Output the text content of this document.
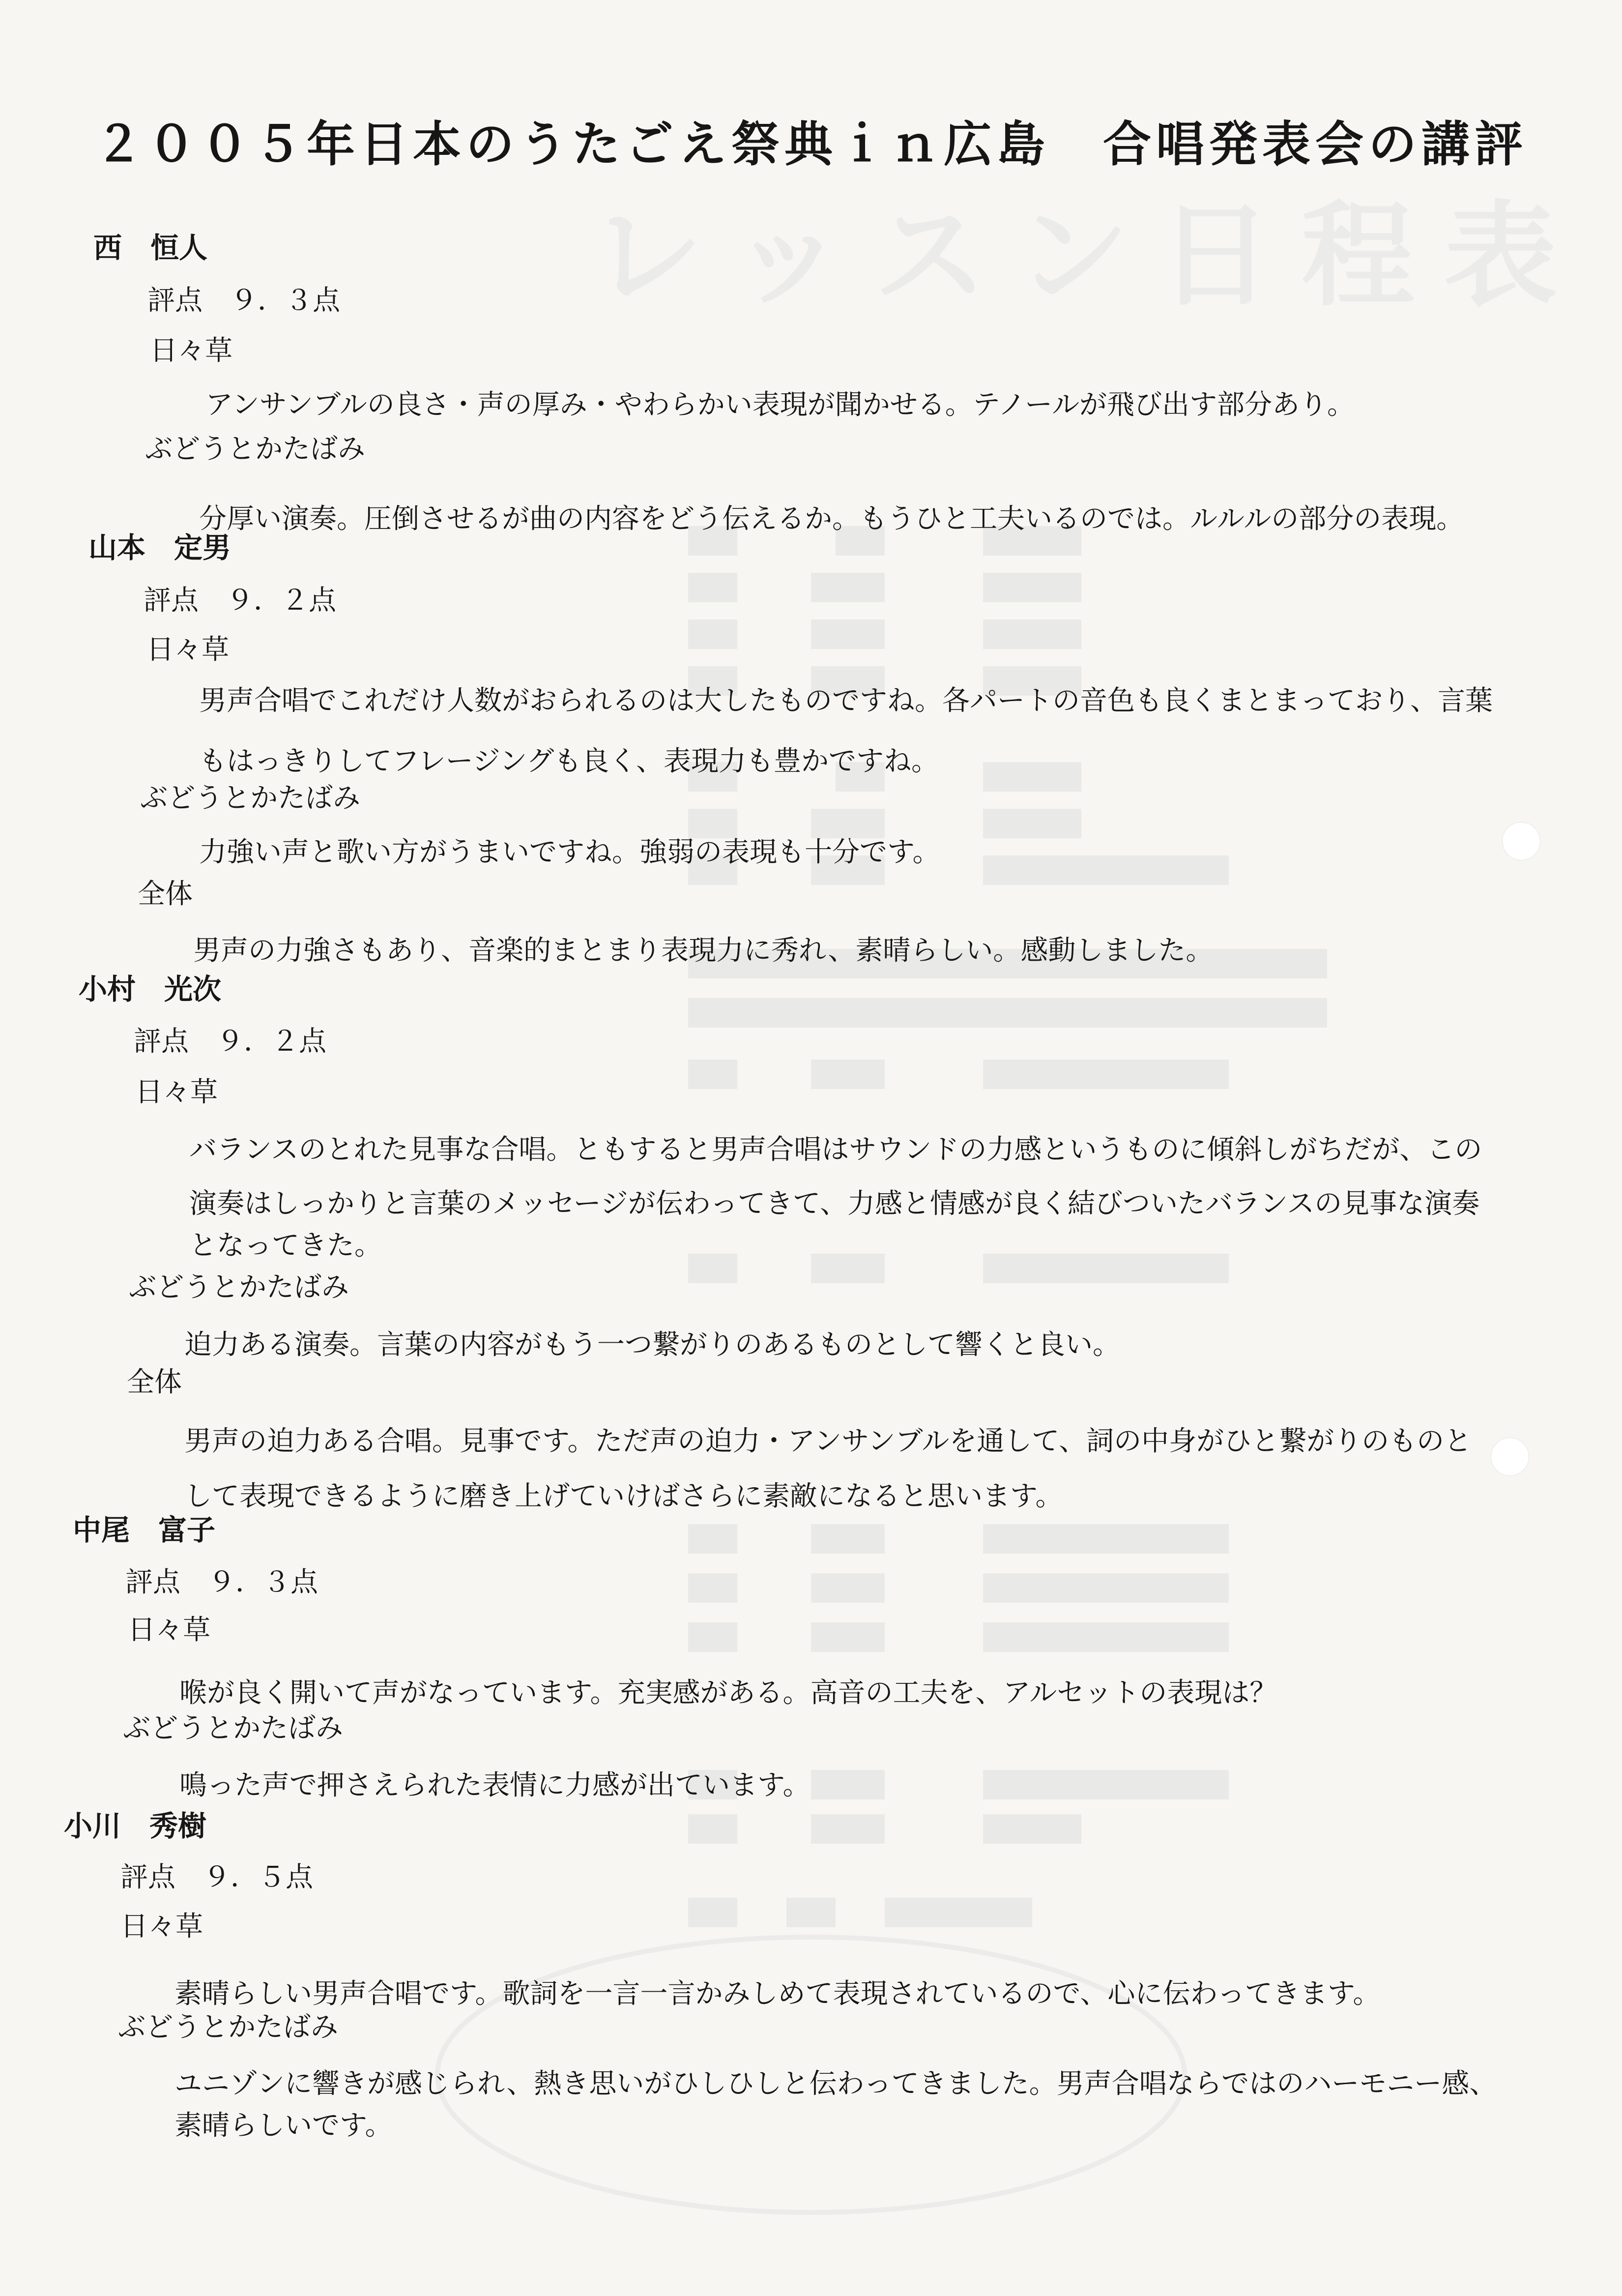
レッスン日程表
２００５年日本のうたごえ祭典ｉｎ広島　合唱発表会の講評
西　恒人
評点　９．３点
日々草
アンサンブルの良さ・声の厚み・やわらかい表現が聞かせる。テノールが飛び出す部分あり。
ぶどうとかたばみ
分厚い演奏。圧倒させるが曲の内容をどう伝えるか。もうひと工夫いるのでは。ルルルの部分の表現。
山本　定男
評点　９．２点
日々草
男声合唱でこれだけ人数がおられるのは大したものですね。各パートの音色も良くまとまっており、言葉
もはっきりしてフレージングも良く、表現力も豊かですね。
ぶどうとかたばみ
力強い声と歌い方がうまいですね。強弱の表現も十分です。
全体
男声の力強さもあり、音楽的まとまり表現力に秀れ、素晴らしい。感動しました。
小村　光次
評点　９．２点
日々草
バランスのとれた見事な合唱。ともすると男声合唱はサウンドの力感というものに傾斜しがちだが、この
演奏はしっかりと言葉のメッセージが伝わってきて、力感と情感が良く結びついたバランスの見事な演奏
となってきた。
ぶどうとかたばみ
迫力ある演奏。言葉の内容がもう一つ繋がりのあるものとして響くと良い。
全体
男声の迫力ある合唱。見事です。ただ声の迫力・アンサンブルを通して、詞の中身がひと繋がりのものと
して表現できるように磨き上げていけばさらに素敵になると思います。
中尾　富子
評点　９．３点
日々草
喉が良く開いて声がなっています。充実感がある。高音の工夫を、アルセットの表現は？
ぶどうとかたばみ
鳴った声で押さえられた表情に力感が出ています。
小川　秀樹
評点　９．５点
日々草
素晴らしい男声合唱です。歌詞を一言一言かみしめて表現されているので、心に伝わってきます。
ぶどうとかたばみ
ユニゾンに響きが感じられ、熱き思いがひしひしと伝わってきました。男声合唱ならではのハーモニー感、
素晴らしいです。
